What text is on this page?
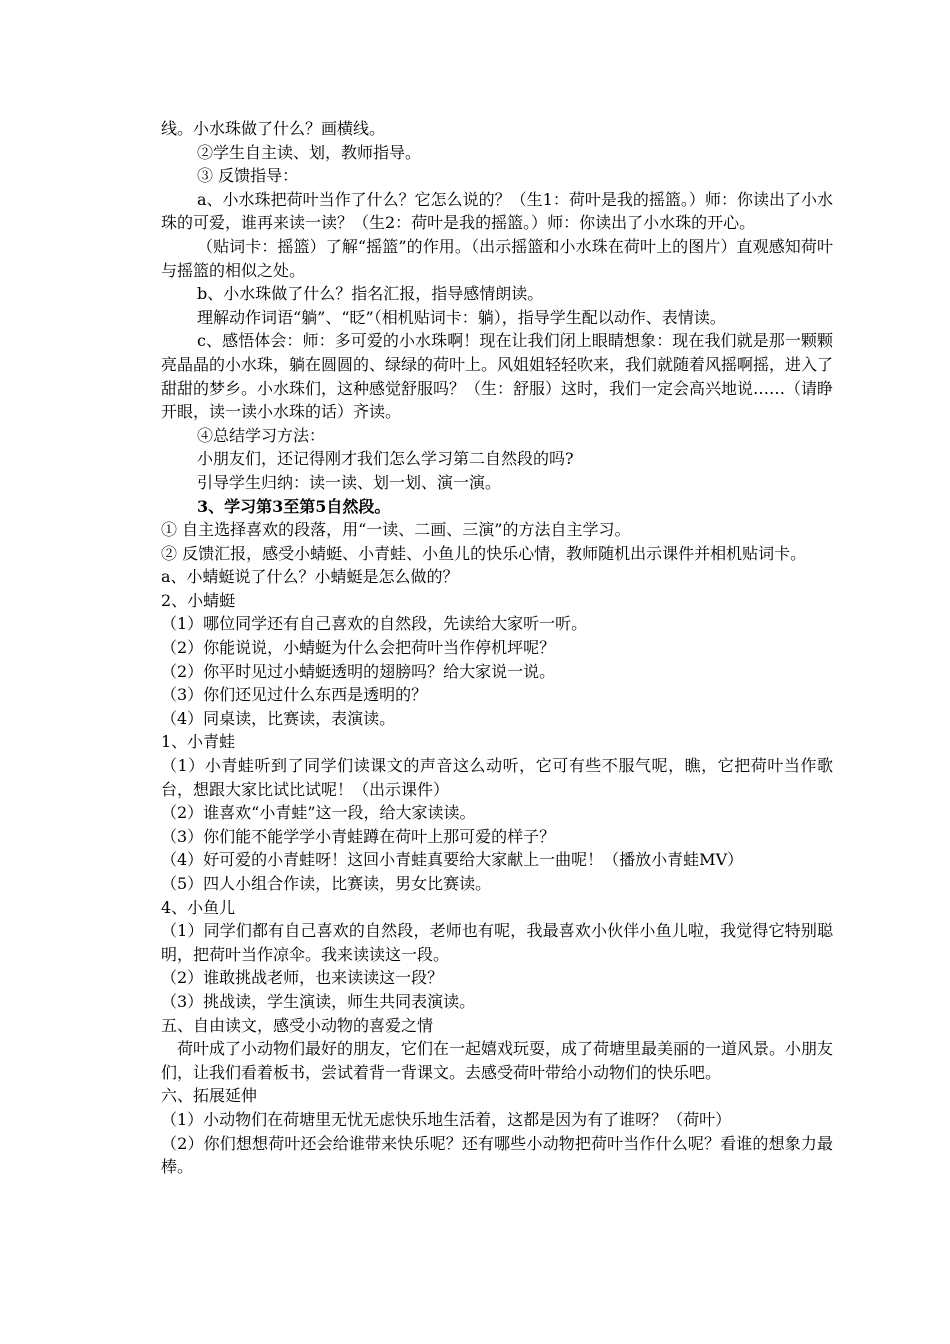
线。小水珠做了什么？画横线。

②学生自主读、划，教师指导。

③ 反馈指导：

a、小水珠把荷叶当作了什么？它怎么说的？（生1：荷叶是我的摇篮。）师：你读出了小水珠的可爱，谁再来读一读？（生2：荷叶是我的摇篮。）师：你读出了小水珠的开心。

（贴词卡：摇篮）了解“摇篮”的作用。（出示摇篮和小水珠在荷叶上的图片）直观感知荷叶与摇篮的相似之处。

b、小水珠做了什么？指名汇报，指导感情朗读。

理解动作词语“躺”、“眨”（相机贴词卡：躺），指导学生配以动作、表情读。

c、感悟体会：师：多可爱的小水珠啊！现在让我们闭上眼睛想象：现在我们就是那一颗颗亮晶晶的小水珠，躺在圆圆的、绿绿的荷叶上。风姐姐轻轻吹来，我们就随着风摇啊摇，进入了甜甜的梦乡。小水珠们，这种感觉舒服吗？（生：舒服）这时，我们一定会高兴地说……（请睁开眼，读一读小水珠的话）齐读。

④总结学习方法：

小朋友们，还记得刚才我们怎么学习第二自然段的吗?

引导学生归纳：读一读、划一划、演一演。

3、学习第3至第5自然段。

① 自主选择喜欢的段落，用“一读、二画、三演”的方法自主学习。

② 反馈汇报，感受小蜻蜓、小青蛙、小鱼儿的快乐心情，教师随机出示课件并相机贴词卡。

a、小蜻蜓说了什么？小蜻蜓是怎么做的？

2、小蜻蜓

（1）哪位同学还有自己喜欢的自然段，先读给大家听一听。

（2）你能说说，小蜻蜓为什么会把荷叶当作停机坪呢？

（2）你平时见过小蜻蜓透明的翅膀吗？给大家说一说。

（3）你们还见过什么东西是透明的？

（4）同桌读，比赛读，表演读。

1、小青蛙

（1）小青蛙听到了同学们读课文的声音这么动听，它可有些不服气呢，瞧，它把荷叶当作歌台，想跟大家比试比试呢！（出示课件）

（2）谁喜欢“小青蛙”这一段，给大家读读。

（3）你们能不能学学小青蛙蹲在荷叶上那可爱的样子？

（4）好可爱的小青蛙呀！这回小青蛙真要给大家献上一曲呢！（播放小青蛙MV）

（5）四人小组合作读，比赛读，男女比赛读。

4、小鱼儿

（1）同学们都有自己喜欢的自然段，老师也有呢，我最喜欢小伙伴小鱼儿啦，我觉得它特别聪明，把荷叶当作凉伞。我来读读这一段。

（2）谁敢挑战老师，也来读读这一段？

（3）挑战读，学生演读，师生共同表演读。

五、自由读文，感受小动物的喜爱之情

荷叶成了小动物们最好的朋友，它们在一起嬉戏玩耍，成了荷塘里最美丽的一道风景。小朋友们，让我们看着板书，尝试着背一背课文。去感受荷叶带给小动物们的快乐吧。

六、拓展延伸

（1）小动物们在荷塘里无忧无虑快乐地生活着，这都是因为有了谁呀？（荷叶）

（2）你们想想荷叶还会给谁带来快乐呢？还有哪些小动物把荷叶当作什么呢？看谁的想象力最棒。
